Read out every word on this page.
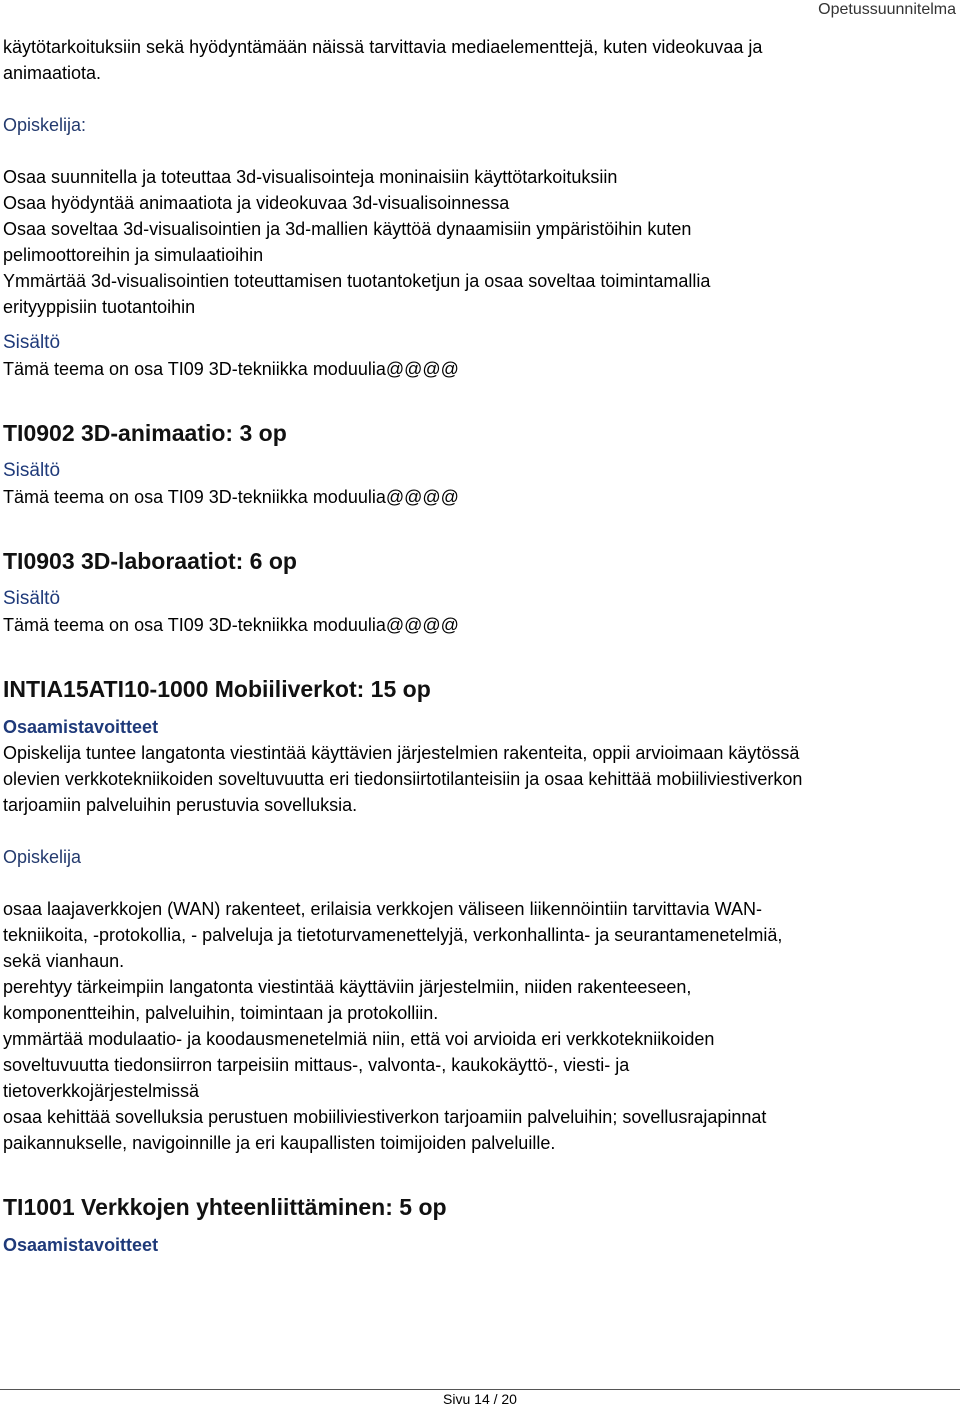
Opetussuunnitelma

käytötarkoituksiin sekä hyödyntämään näissä tarvittavia mediaelementtejä, kuten videokuvaa ja

animaatiota.

Opiskelija:

Osaa suunnitella ja toteuttaa 3d-visualisointeja moninaisiin käyttötarkoituksiin

Osaa hyödyntää animaatiota ja videokuvaa 3d-visualisoinnessa

Osaa soveltaa 3d-visualisointien ja 3d-mallien käyttöä dynaamisiin ympäristöihin kuten

pelimoottoreihin ja simulaatioihin

Ymmärtää 3d-visualisointien toteuttamisen tuotantoketjun ja osaa soveltaa toimintamallia

erityyppisiin tuotantoihin

Sisältö

Tämä teema on osa TI09 3D-tekniikka moduulia@@@@

TI0902 3D-animaatio: 3 op

Sisältö

Tämä teema on osa TI09 3D-tekniikka moduulia@@@@

TI0903 3D-laboraatiot: 6 op

Sisältö

Tämä teema on osa TI09 3D-tekniikka moduulia@@@@

INTIA15ATI10-1000 Mobiiliverkot: 15 op

Osaamistavoitteet

Opiskelija tuntee langatonta viestintää käyttävien järjestelmien rakenteita, oppii arvioimaan käytössä

olevien verkkotekniikoiden soveltuvuutta eri tiedonsiirtotilanteisiin ja osaa kehittää mobiiliviestiverkon

tarjoamiin palveluihin perustuvia sovelluksia.

Opiskelija

osaa laajaverkkojen (WAN) rakenteet, erilaisia verkkojen väliseen liikennöintiin tarvittavia WAN-

tekniikoita, -protokollia, - palveluja ja tietoturvamenettelyjä, verkonhallinta- ja seurantamenetelmiä,

sekä vianhaun.

perehtyy tärkeimpiin langatonta viestintää käyttäviin järjestelmiin, niiden rakenteeseen,

komponentteihin, palveluihin, toimintaan ja protokolliin.

ymmärtää modulaatio- ja koodausmenetelmiä niin, että voi arvioida eri verkkotekniikoiden

soveltuvuutta tiedonsiirron tarpeisiin mittaus-, valvonta-, kaukokäyttö-, viesti- ja

tietoverkkojärjestelmissä

osaa kehittää sovelluksia perustuen mobiiliviestiverkon tarjoamiin palveluihin; sovellusrajapinnat

paikannukselle, navigoinnille ja eri kaupallisten toimijoiden palveluille.

TI1001 Verkkojen yhteenliittäminen: 5 op

Osaamistavoitteet

Sivu 14 / 20
